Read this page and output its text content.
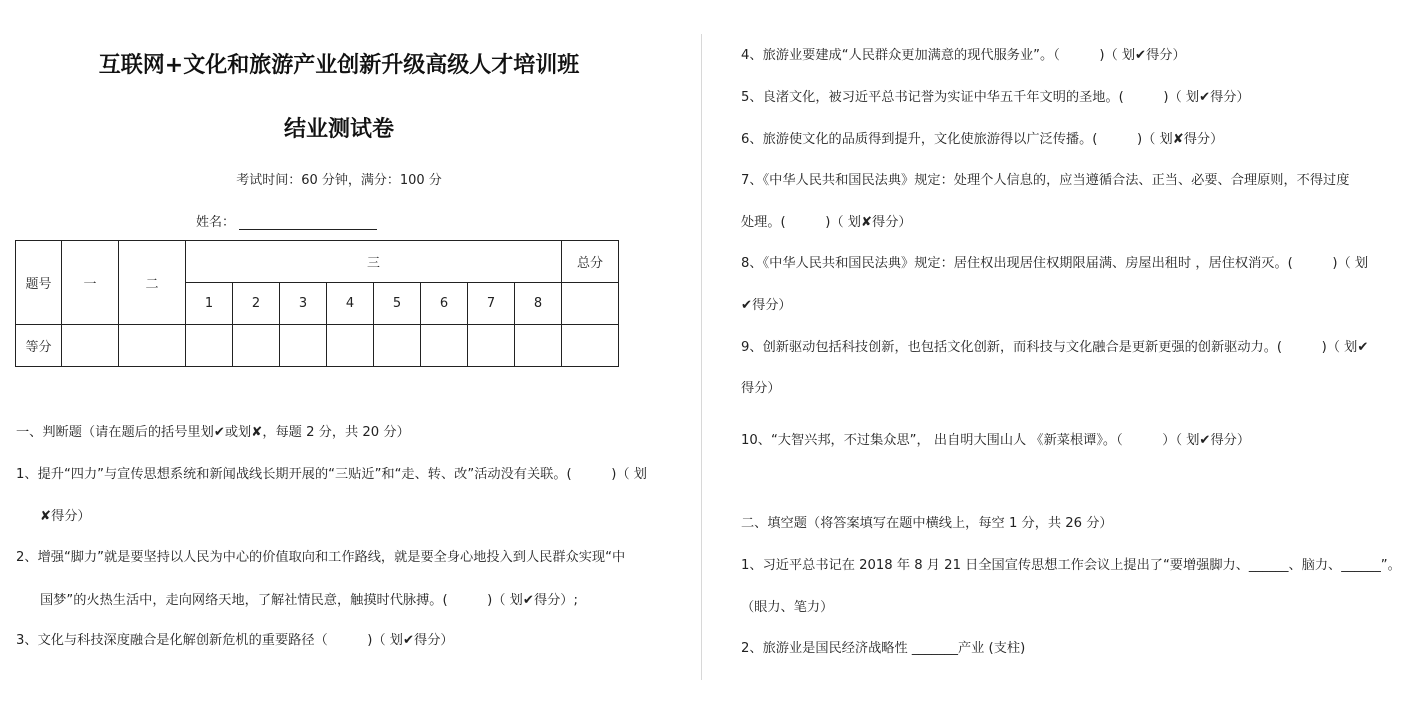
互联网+文化和旅游产业创新升级高级人才培训班
结业测试卷
考试时间：60 分钟，满分：100 分
姓名：
题号	一	二	三								总分
			1	2	3	4	5	6	7	8	
等分											
一、判断题（请在题后的括号里划✔或划✘，每题 2 分，共 20 分）
1、提升“四力”与宣传思想系统和新闻战线长期开展的“三贴近”和“走、转、改”活动没有关联。(　　　)（ 划
✘得分）
2、增强“脚力”就是要坚持以人民为中心的价值取向和工作路线，就是要全身心地投入到人民群众实现“中
国梦”的火热生活中，走向网络天地，了解社情民意，触摸时代脉搏。(　　　)（ 划✔得分）;
3、文化与科技深度融合是化解创新危机的重要路径（　　　)（ 划✔得分）
4、旅游业要建成“人民群众更加满意的现代服务业”。（　　　)（ 划✔得分）
5、良渚文化，被习近平总书记誉为实证中华五千年文明的圣地。(　　　)（ 划✔得分）
6、旅游使文化的品质得到提升，文化使旅游得以广泛传播。(　　　)（ 划✘得分）
7、《中华人民共和国民法典》规定：处理个人信息的，应当遵循合法、正当、必要、合理原则，不得过度
处理。(　　　)（ 划✘得分）
8、《中华人民共和国民法典》规定：居住权出现居住权期限届满、房屋出租时 ，居住权消灭。(　　　)（ 划
✔得分）
9、创新驱动包括科技创新，也包括文化创新，而科技与文化融合是更新更强的创新驱动力。(　　　)（ 划✔
得分）
10、“大智兴邦，不过集众思”， 出自明大围山人 《新菜根谭》。（　　　）（ 划✔得分）
二、填空题（将答案填写在题中横线上，每空 1 分，共 26 分）
1、习近平总书记在 2018 年 8 月 21 日全国宣传思想工作会议上提出了“要增强脚力、______、脑力、______”。
（眼力、笔力）
2、旅游业是国民经济战略性 _______产业 (支柱)
